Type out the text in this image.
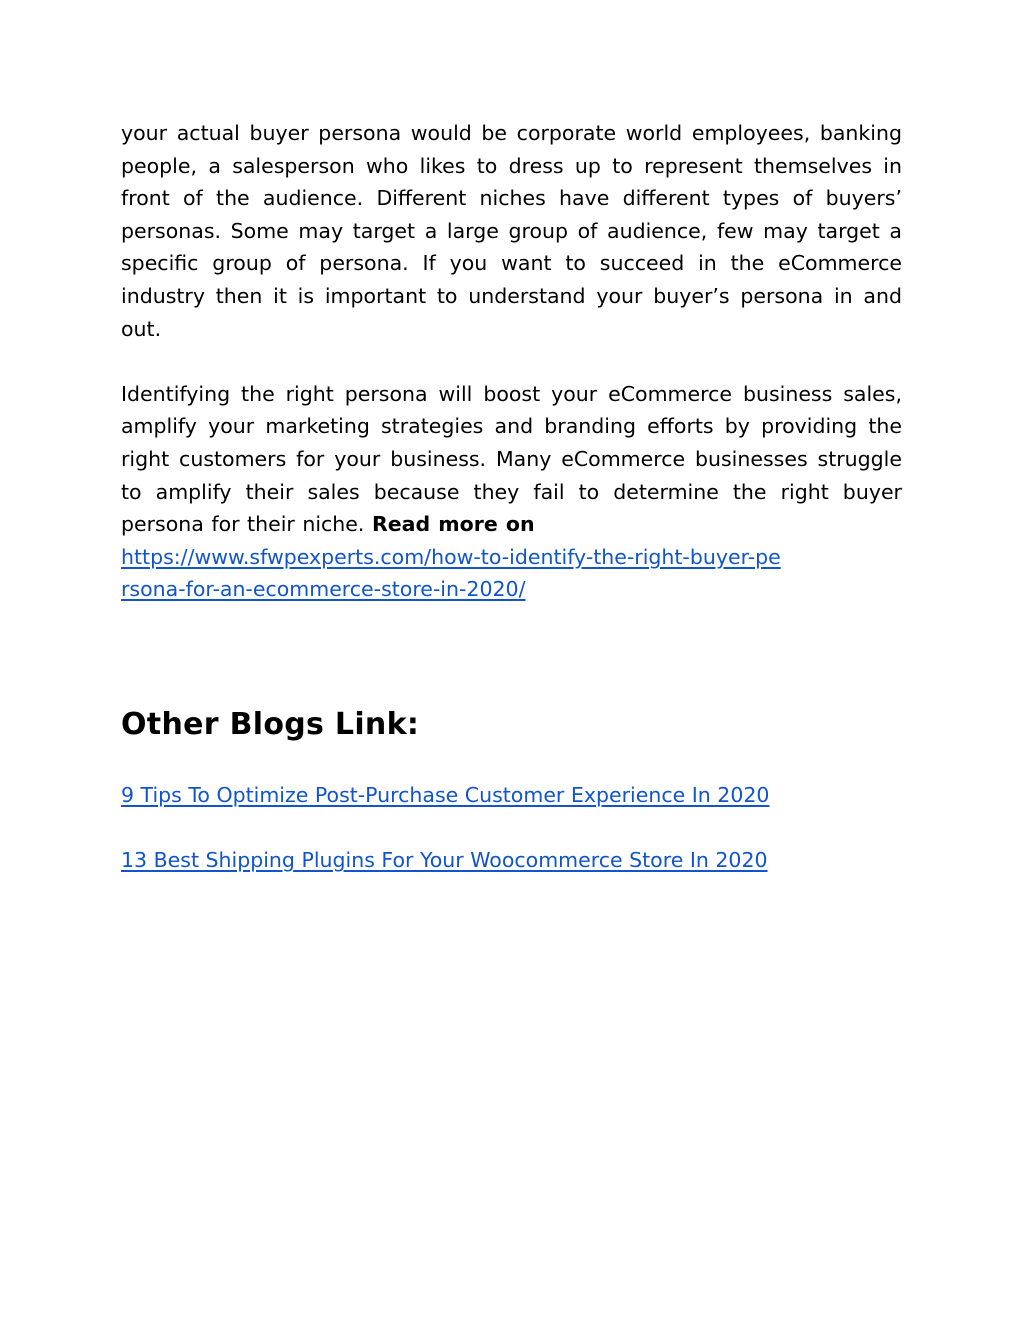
your actual buyer persona would be corporate world employees, banking people, a salesperson who likes to dress up to represent themselves in front of the audience. Different niches have different types of buyers’ personas. Some may target a large group of audience, few may target a specific group of persona. If you want to succeed in the eCommerce industry then it is important to understand your buyer’s persona in and out.

Identifying the right persona will boost your eCommerce business sales, amplify your marketing strategies and branding efforts by providing the right customers for your business. Many eCommerce businesses struggle to amplify their sales because they fail to determine the right buyer persona for their niche. Read more on

https://www.sfwpexperts.com/how-to-identify-the-right-buyer-pe
rsona-for-an-ecommerce-store-in-2020/
Other Blogs Link:
9 Tips To Optimize Post-Purchase Customer Experience In 2020
13 Best Shipping Plugins For Your Woocommerce Store In 2020
